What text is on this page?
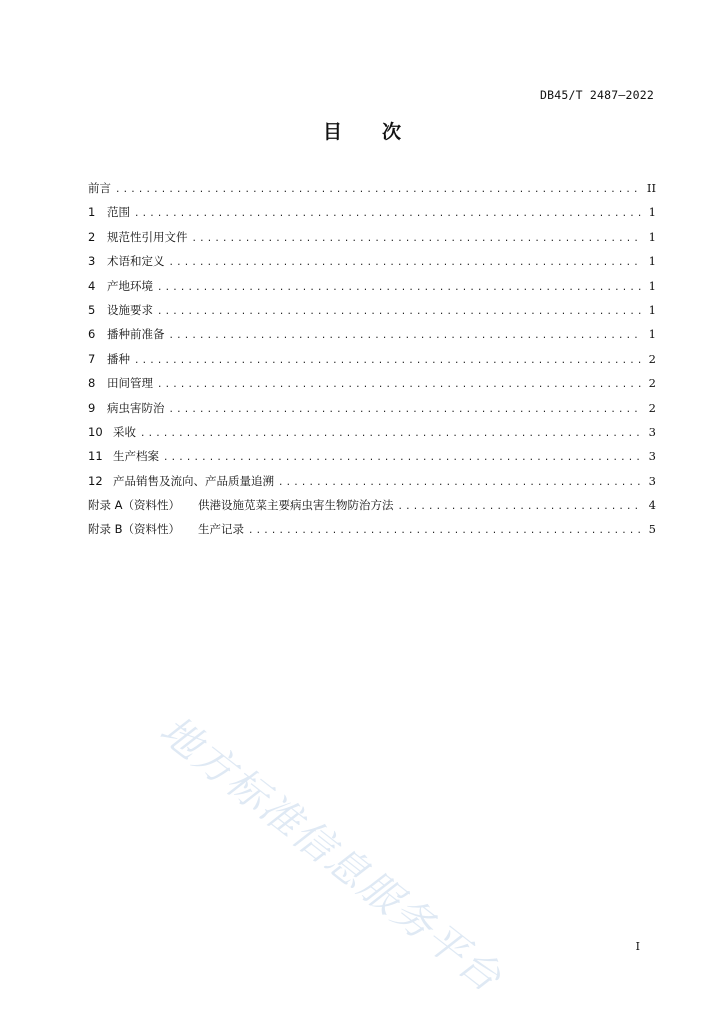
DB45/T 2487—2022
目 次
前言 .....	II
1 范围 .....	1
2 规范性引用文件 .....	1
3 术语和定义 .....	1
4 产地环境 .....	1
5 设施要求 .....	1
6 播种前准备 .....	1
7 播种 .....	2
8 田间管理 .....	2
9 病虫害防治 .....	2
10 采收 .....	3
11 生产档案 .....	3
12 产品销售及流向、产品质量追溯 .....	3
附录 A（资料性） 供港设施苋菜主要病虫害生物防治方法 .....	4
附录 B（资料性） 生产记录 .....	5
地方标准信息服务平台	I
